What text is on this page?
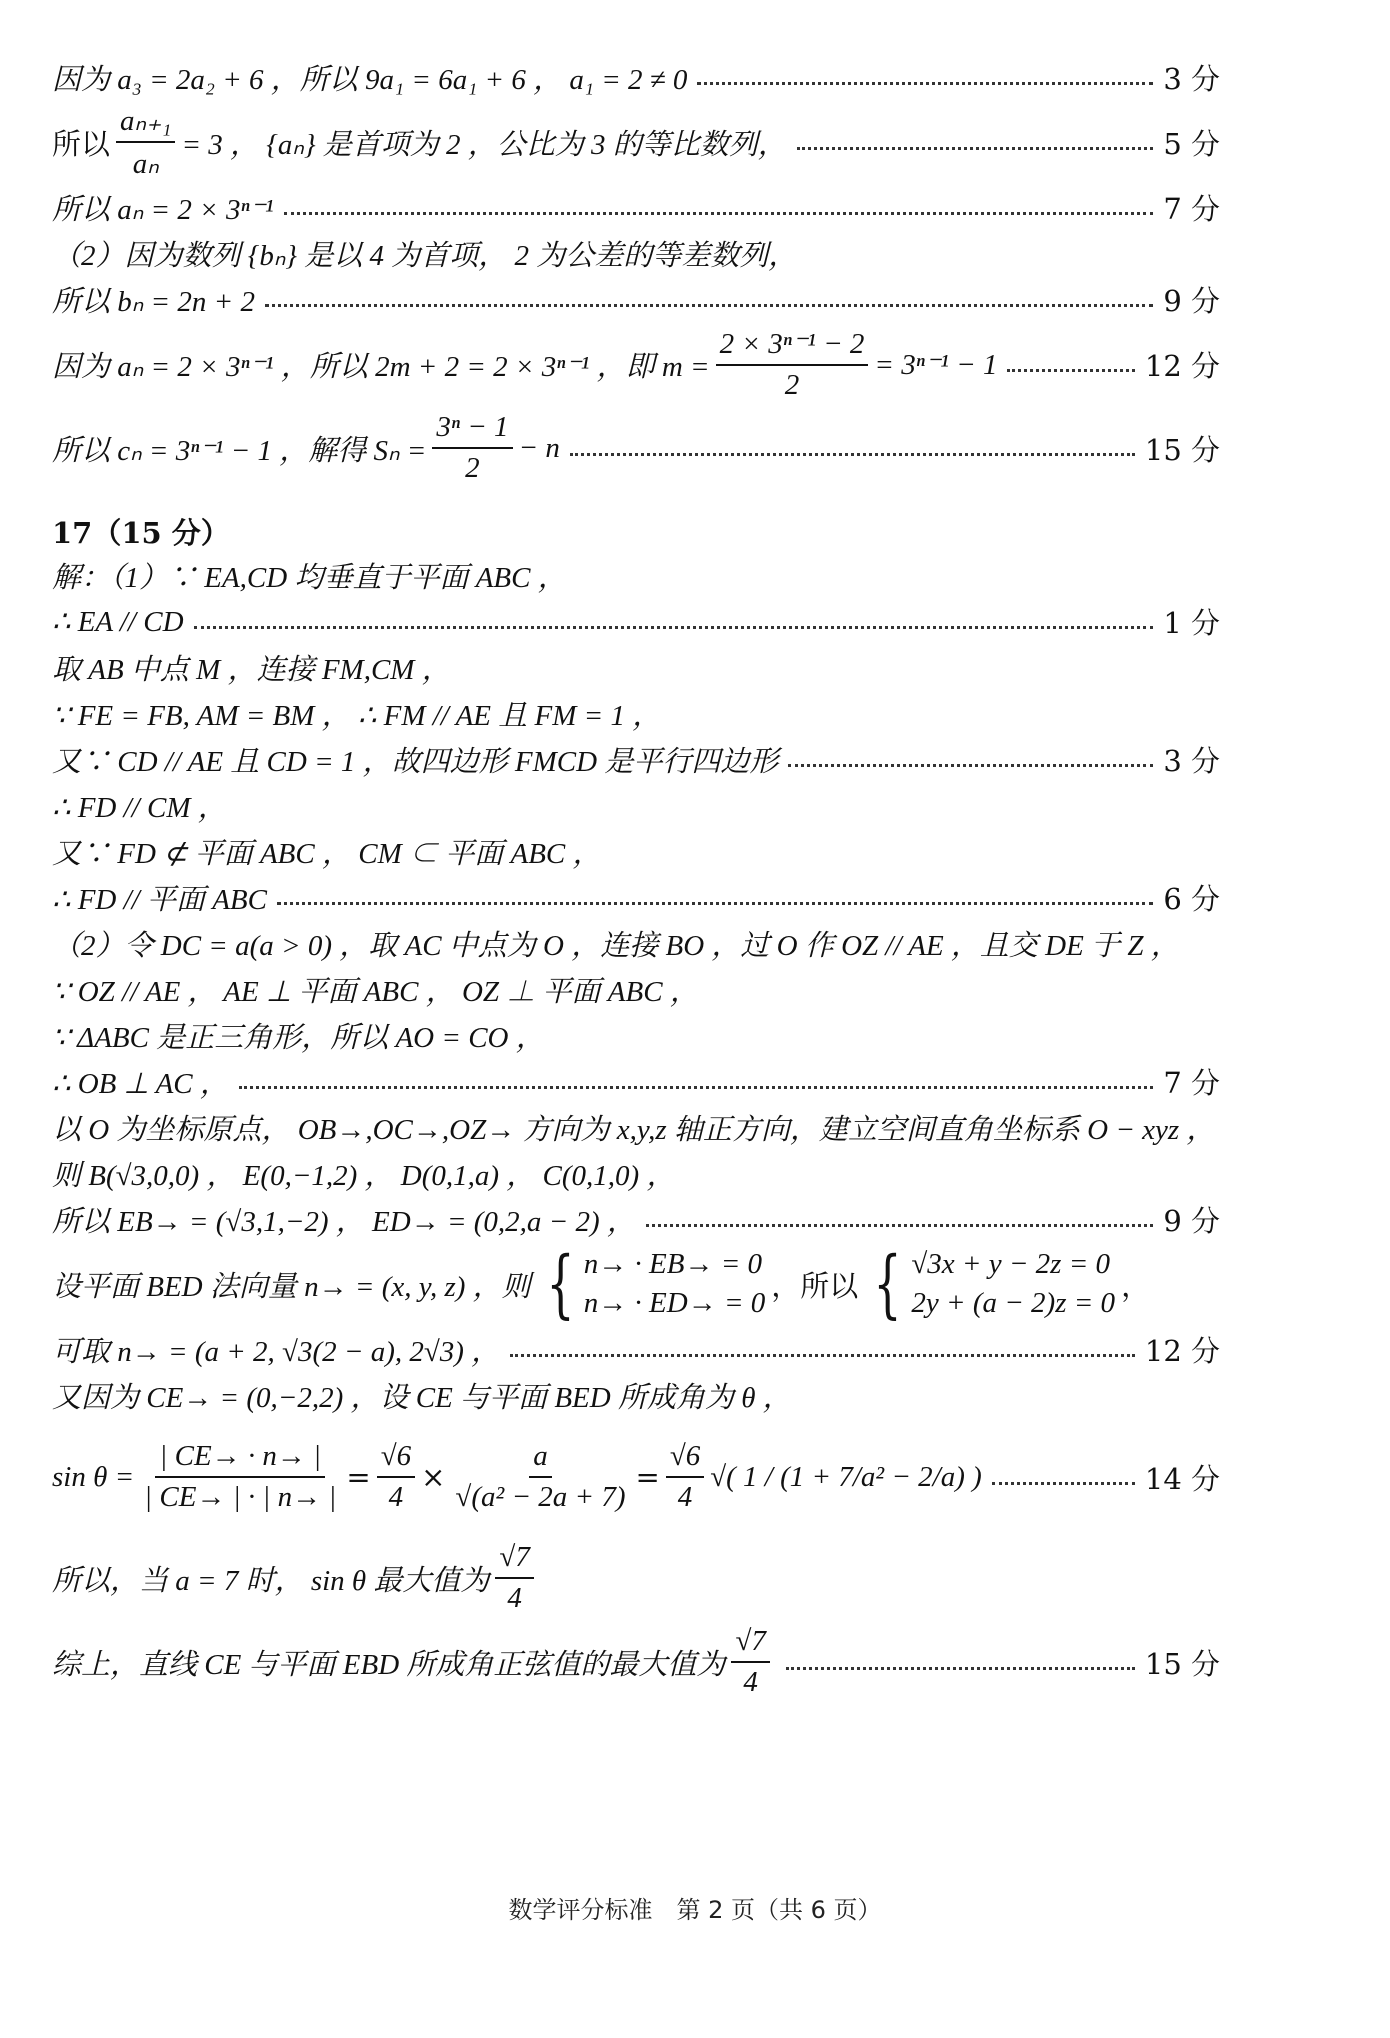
因为 a₃ = 2a₂ + 6 ，所以 9a₁ = 6a₁ + 6 ， a₁ = 2 ≠ 0	3 分
所以 $\frac{\text{aₙ₊₁}}{\text{aₙ}} = 3$ ， {aₙ} 是首项为 2 ，公比为 3 的等比数列，	5 分
所以 aₙ = 2 × 3ⁿ⁻¹	7 分
（2）因为数列 {bₙ} 是以 4 为首项， 2 为公差的等差数列，
所以 bₙ = 2n + 2	9 分
因为 aₙ = 2 × 3ⁿ⁻¹ ，所以 2m + 2 = 2 × 3ⁿ⁻¹ ，即 $m = \frac{\text{2 × 3ⁿ⁻¹ − 2}}{2} = 3^{n-1} - 1$	12 分
所以 cₙ = 3ⁿ⁻¹ − 1 ，解得 $S_n = \frac{\text{3ⁿ − 1}}{2} - n$	15 分
17（15 分）
解：（1）∵ EA,CD 均垂直于平面 ABC ，
∴ EA // CD	1 分
取 AB 中点 M ，连接 FM,CM ，
∵ FE = FB, AM = BM ， ∴ FM // AE 且 FM = 1 ，
又∵ CD // AE 且 CD = 1 ，故四边形 FMCD 是平行四边形	3 分
∴ FD // CM ，
又∵ FD ⊄ 平面 ABC ， CM ⊂ 平面 ABC ，
∴ FD // 平面 ABC	6 分
（2）令 DC = a(a > 0) ，取 AC 中点为 O ，连接 BO ，过 O 作 OZ // AE ，且交 DE 于 Z ，
∵ OZ // AE ， AE ⊥ 平面 ABC ， OZ ⊥ 平面 ABC ，
∵ ΔABC 是正三角形，所以 AO = CO ，
∴ OB ⊥ AC ，	7 分
以 O 为坐标原点， OB→,OC→,OZ→ 方向为 x,y,z 轴正方向，建立空间直角坐标系 O − xyz ，
则 B(√3,0,0) ， E(0,−1,2) ， D(0,1,a) ， C(0,1,0) ，
所以 EB→ = (√3,1,−2) ， ED→ = (0,2,a − 2) ，	9 分
设平面 BED 法向量 n→ = (x, y, z) ，则 { n→ · EB→ = 0
n→ · ED→ = 0
，所以 { √3x + y − 2z = 0
2y + (a − 2)z = 0
，
可取 n→ = (a + 2, √3(2 − a), 2√3) ，	12 分
又因为 CE→ = (0,−2,2) ，设 CE 与平面 BED 所成角为 θ ，
$\sin \theta = \frac{| CE\to \cdot n\to |}{| CE\to | \cdot | n\to |} = \frac{√6}{4} \times \frac{a}{\text{√(a² − 2a + 7)}} = \frac{√6}{4}$ √( 1 / (1 + 7/a² − 2/a) )	14 分
所以，当 a = 7 时， sin θ 最大值为 $\frac{√7}{4}$
综上，直线 CE 与平面 EBD 所成角正弦值的最大值为 $\frac{√7}{4}$	15 分
数学评分标准　第 2 页（共 6 页）
